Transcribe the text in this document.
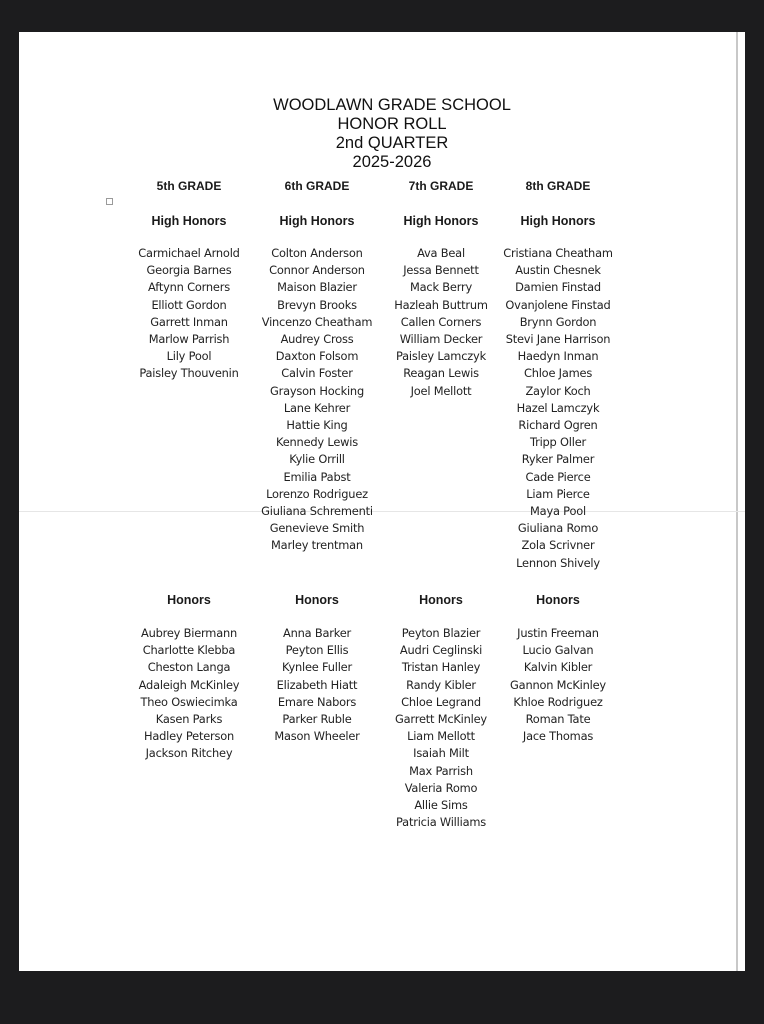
WOODLAWN GRADE SCHOOL
HONOR ROLL
2nd QUARTER
2025-2026
5th GRADE
High Honors
Carmichael Arnold
Georgia Barnes
Aftynn Corners
Elliott Gordon
Garrett Inman
Marlow Parrish
Lily Pool
Paisley Thouvenin
Honors
Aubrey Biermann
Charlotte Klebba
Cheston Langa
Adaleigh McKinley
Theo Oswiecimka
Kasen Parks
Hadley Peterson
Jackson Ritchey
6th GRADE
High Honors
Colton Anderson
Connor Anderson
Maison Blazier
Brevyn Brooks
Vincenzo Cheatham
Audrey Cross
Daxton Folsom
Calvin Foster
Grayson Hocking
Lane Kehrer
Hattie King
Kennedy Lewis
Kylie Orrill
Emilia Pabst
Lorenzo Rodriguez
Giuliana Schrementi
Genevieve Smith
Marley trentman
Honors
Anna Barker
Peyton Ellis
Kynlee Fuller
Elizabeth Hiatt
Emare Nabors
Parker Ruble
Mason Wheeler
7th GRADE
High Honors
Ava Beal
Jessa Bennett
Mack Berry
Hazleah Buttrum
Callen Corners
William Decker
Paisley Lamczyk
Reagan Lewis
Joel Mellott
Honors
Peyton Blazier
Audri Ceglinski
Tristan Hanley
Randy Kibler
Chloe Legrand
Garrett McKinley
Liam Mellott
Isaiah Milt
Max Parrish
Valeria Romo
Allie Sims
Patricia Williams
8th GRADE
High Honors
Cristiana Cheatham
Austin Chesnek
Damien Finstad
Ovanjolene Finstad
Brynn Gordon
Stevi Jane Harrison
Haedyn Inman
Chloe James
Zaylor Koch
Hazel Lamczyk
Richard Ogren
Tripp Oller
Ryker Palmer
Cade Pierce
Liam Pierce
Maya Pool
Giuliana Romo
Zola Scrivner
Lennon Shively
Honors
Justin Freeman
Lucio Galvan
Kalvin Kibler
Gannon McKinley
Khloe Rodriguez
Roman Tate
Jace Thomas
